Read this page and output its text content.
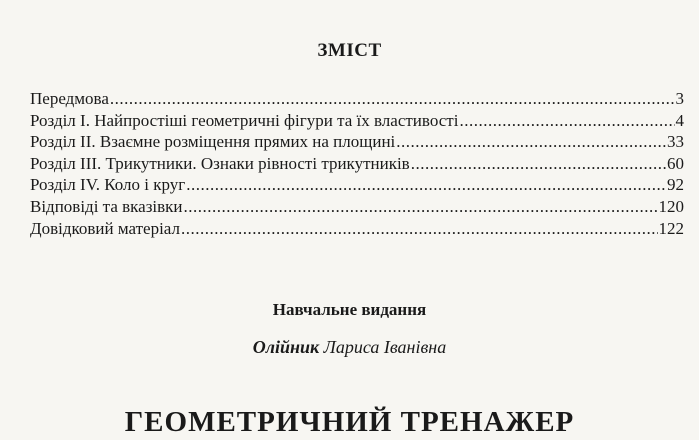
ЗМІСТ
Передмова .....	3
Розділ І. Найпростіші геометричні фігури та їх властивості .....	4
Розділ ІІ. Взаємне розміщення прямих на площині .....	33
Розділ ІІІ. Трикутники. Ознаки рівності трикутників .....	60
Розділ IV. Коло і круг .....	92
Відповіді та вказівки .....	120
Довідковий матеріал .....	122
Навчальне видання
Олійник Лариса Іванівна
ГЕОМЕТРИЧНИЙ ТРЕНАЖЕР
